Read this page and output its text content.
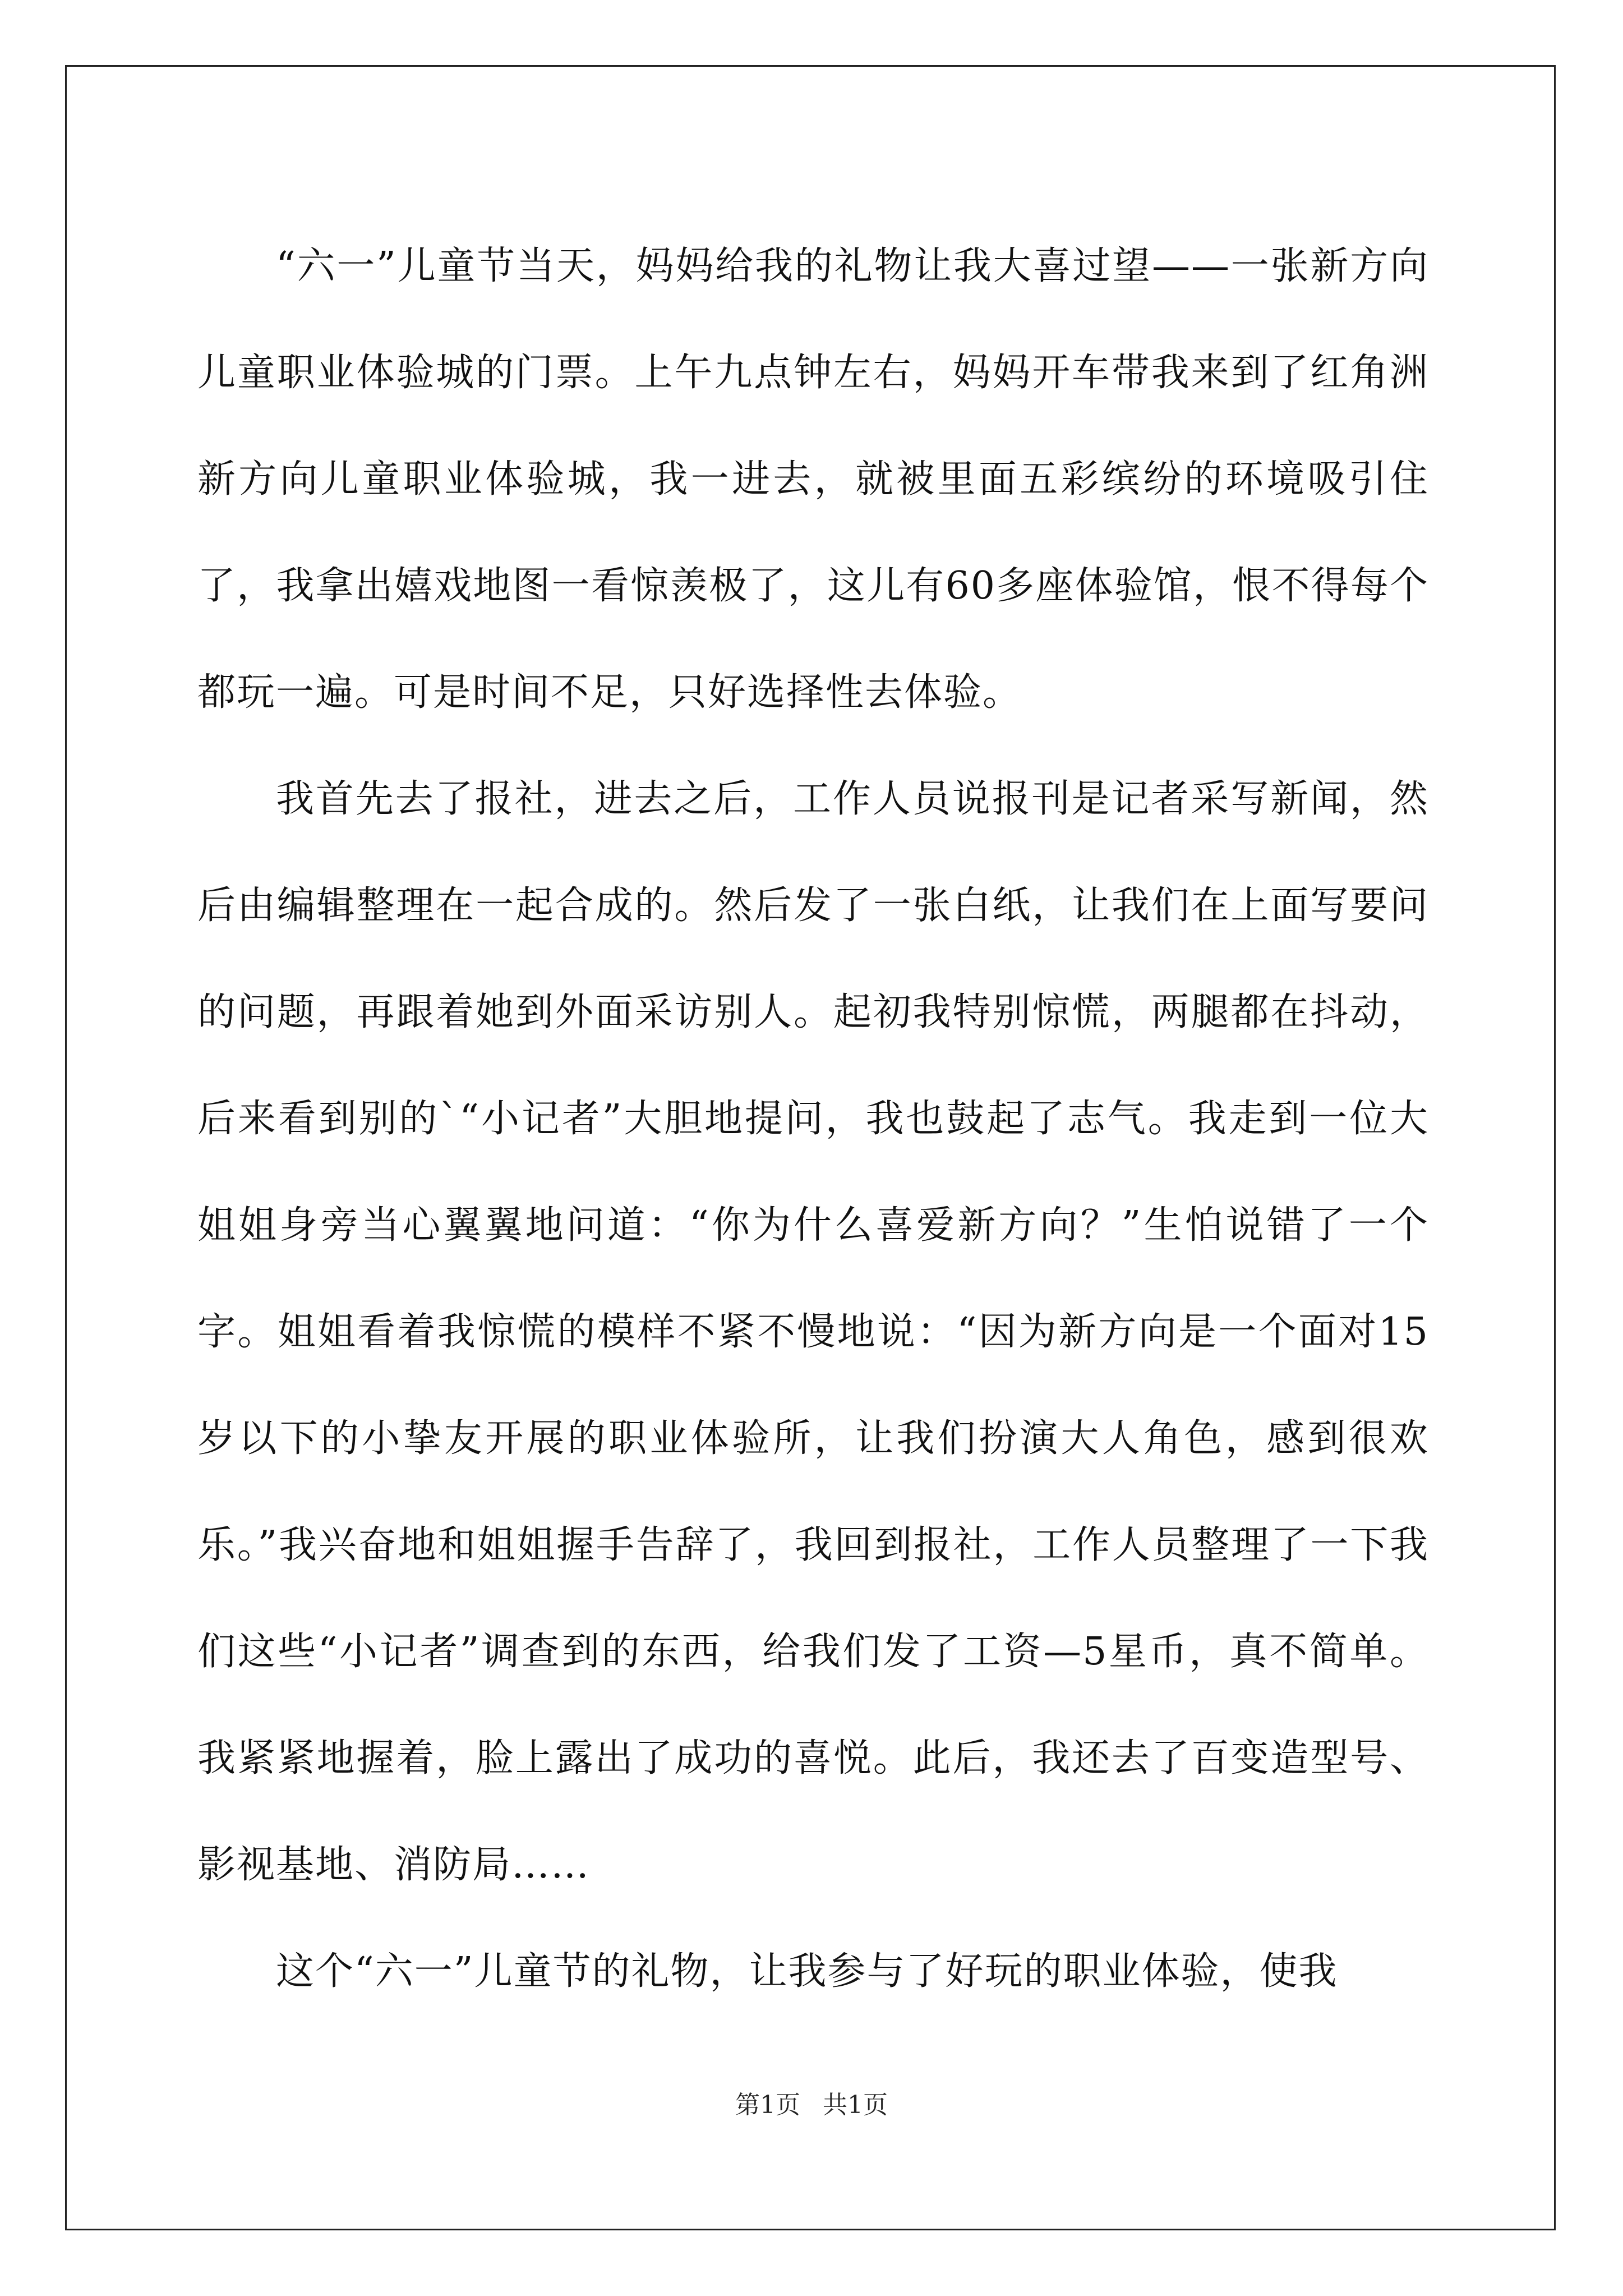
“六一”儿童节当天，妈妈给我的礼物让我大喜过望——一张新方向儿童职业体验城的门票。上午九点钟左右，妈妈开车带我来到了红角洲新方向儿童职业体验城，我一进去，就被里面五彩缤纷的环境吸引住了，我拿出嬉戏地图一看惊羡极了，这儿有60多座体验馆，恨不得每个都玩一遍。可是时间不足，只好选择性去体验。

我首先去了报社，进去之后，工作人员说报刊是记者采写新闻，然后由编辑整理在一起合成的。然后发了一张白纸，让我们在上面写要问的问题，再跟着她到外面采访别人。起初我特别惊慌，两腿都在抖动，后来看到别的`“小记者”大胆地提问，我也鼓起了志气。我走到一位大姐姐身旁当心翼翼地问道：“你为什么喜爱新方向？”生怕说错了一个字。姐姐看着我惊慌的模样不紧不慢地说：“因为新方向是一个面对15岁以下的小挚友开展的职业体验所，让我们扮演大人角色，感到很欢乐。”我兴奋地和姐姐握手告辞了，我回到报社，工作人员整理了一下我们这些“小记者”调查到的东西，给我们发了工资—5星币，真不简单。我紧紧地握着，脸上露出了成功的喜悦。此后，我还去了百变造型号、影视基地、消防局……

这个“六一”儿童节的礼物，让我参与了好玩的职业体验，使我

第1页 共1页
